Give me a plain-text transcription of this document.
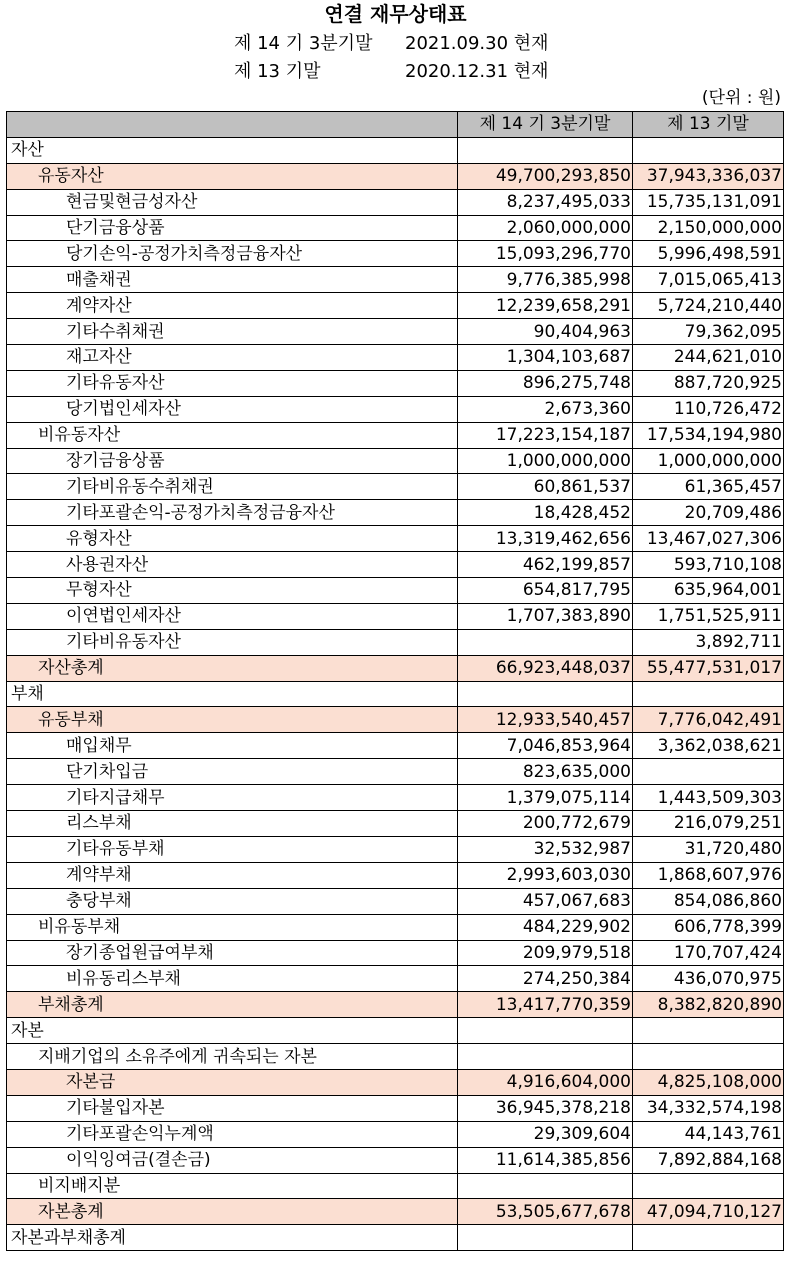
연결 재무상태표
제 14 기 3분기말 2021.09.30 현재
제 13 기말	2020.12.31 현재
(단위 : 원)
	제 14 기 3분기말	제 13 기말
자산		
유동자산	49,700,293,850	37,943,336,037
현금및현금성자산	8,237,495,033	15,735,131,091
단기금융상품	2,060,000,000	2,150,000,000
당기손익-공정가치측정금융자산	15,093,296,770	5,996,498,591
매출채권	9,776,385,998	7,015,065,413
계약자산	12,239,658,291	5,724,210,440
기타수취채권	90,404,963	79,362,095
재고자산	1,304,103,687	244,621,010
기타유동자산	896,275,748	887,720,925
당기법인세자산	2,673,360	110,726,472
비유동자산	17,223,154,187	17,534,194,980
장기금융상품	1,000,000,000	1,000,000,000
기타비유동수취채권	60,861,537	61,365,457
기타포괄손익-공정가치측정금융자산	18,428,452	20,709,486
유형자산	13,319,462,656	13,467,027,306
사용권자산	462,199,857	593,710,108
무형자산	654,817,795	635,964,001
이연법인세자산	1,707,383,890	1,751,525,911
기타비유동자산		3,892,711
자산총계	66,923,448,037	55,477,531,017
부채		
유동부채	12,933,540,457	7,776,042,491
매입채무	7,046,853,964	3,362,038,621
단기차입금	823,635,000	
기타지급채무	1,379,075,114	1,443,509,303
리스부채	200,772,679	216,079,251
기타유동부채	32,532,987	31,720,480
계약부채	2,993,603,030	1,868,607,976
충당부채	457,067,683	854,086,860
비유동부채	484,229,902	606,778,399
장기종업원급여부채	209,979,518	170,707,424
비유동리스부채	274,250,384	436,070,975
부채총계	13,417,770,359	8,382,820,890
자본		
지배기업의 소유주에게 귀속되는 자본		
자본금	4,916,604,000	4,825,108,000
기타불입자본	36,945,378,218	34,332,574,198
기타포괄손익누계액	29,309,604	44,143,761
이익잉여금(결손금)	11,614,385,856	7,892,884,168
비지배지분		
자본총계	53,505,677,678	47,094,710,127
자본과부채총계		
